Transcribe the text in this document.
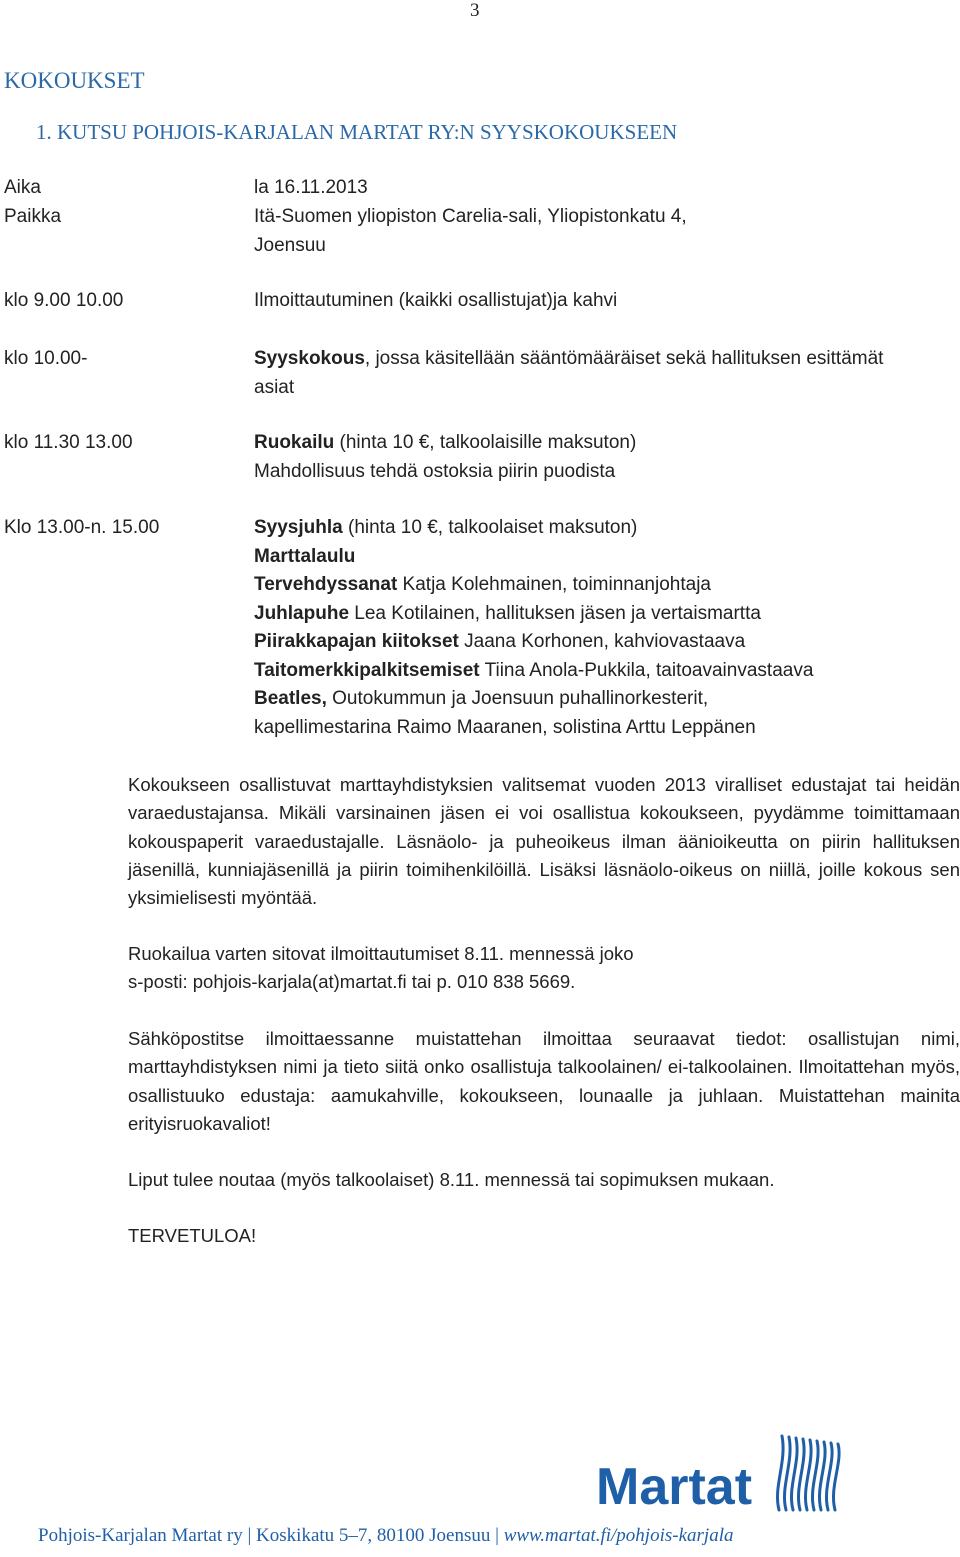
3
KOKOUKSET
1. KUTSU POHJOIS-KARJALAN MARTAT RY:N SYYSKOKOUKSEEN
Aika	la 16.11.2013
Paikka	Itä-Suomen yliopiston Carelia-sali, Yliopistonkatu 4,
Joensuu
klo 9.00 10.00	Ilmoittautuminen (kaikki osallistujat)ja kahvi
klo 10.00-	Syyskokous, jossa käsitellään sääntömääräiset sekä hallituksen esittämät
asiat
klo 11.30 13.00	Ruokailu (hinta 10 €, talkoolaisille maksuton)
Mahdollisuus tehdä ostoksia piirin puodista
Klo 13.00-n. 15.00	Syysjuhla (hinta 10 €, talkoolaiset maksuton)
Marttalaulu
Tervehdyssanat Katja Kolehmainen, toiminnanjohtaja
Juhlapuhe Lea Kotilainen, hallituksen jäsen ja vertaismartta
Piirakkapajan kiitokset Jaana Korhonen, kahviovastaava
Taitomerkkipalkitsemiset Tiina Anola-Pukkila, taitoavainvastaava
Beatles, Outokummun ja Joensuun puhallinorkesterit,
kapellimestarina Raimo Maaranen, solistina Arttu Leppänen
Kokoukseen osallistuvat marttayhdistyksien valitsemat vuoden 2013 viralliset edustajat tai heidän varaedustajansa. Mikäli varsinainen jäsen ei voi osallistua kokoukseen, pyydämme toimittamaan kokouspaperit varaedustajalle. Läsnäolo- ja puheoikeus ilman äänioikeutta on piirin hallituksen jäsenillä, kunniajäsenillä ja piirin toimihenkilöillä. Lisäksi läsnäolo-oikeus on niillä, joille kokous sen yksimielisesti myöntää.
Ruokailua varten sitovat ilmoittautumiset 8.11. mennessä joko
s-posti: pohjois-karjala(at)martat.fi tai p. 010 838 5669.
Sähköpostitse ilmoittaessanne muistattehan ilmoittaa seuraavat tiedot: osallistujan nimi, marttayhdistyksen nimi ja tieto siitä onko osallistuja talkoolainen/ ei-talkoolainen. Ilmoitattehan myös, osallistuuko edustaja: aamukahville, kokoukseen, lounaalle ja juhlaan. Muistattehan mainita erityisruokavaliot!
Liput tulee noutaa (myös talkoolaiset) 8.11. mennessä tai sopimuksen mukaan.
TERVETULOA!
Martat
Pohjois-Karjalan Martat ry | Koskikatu 5–7, 80100 Joensuu | www.martat.fi/pohjois-karjala
